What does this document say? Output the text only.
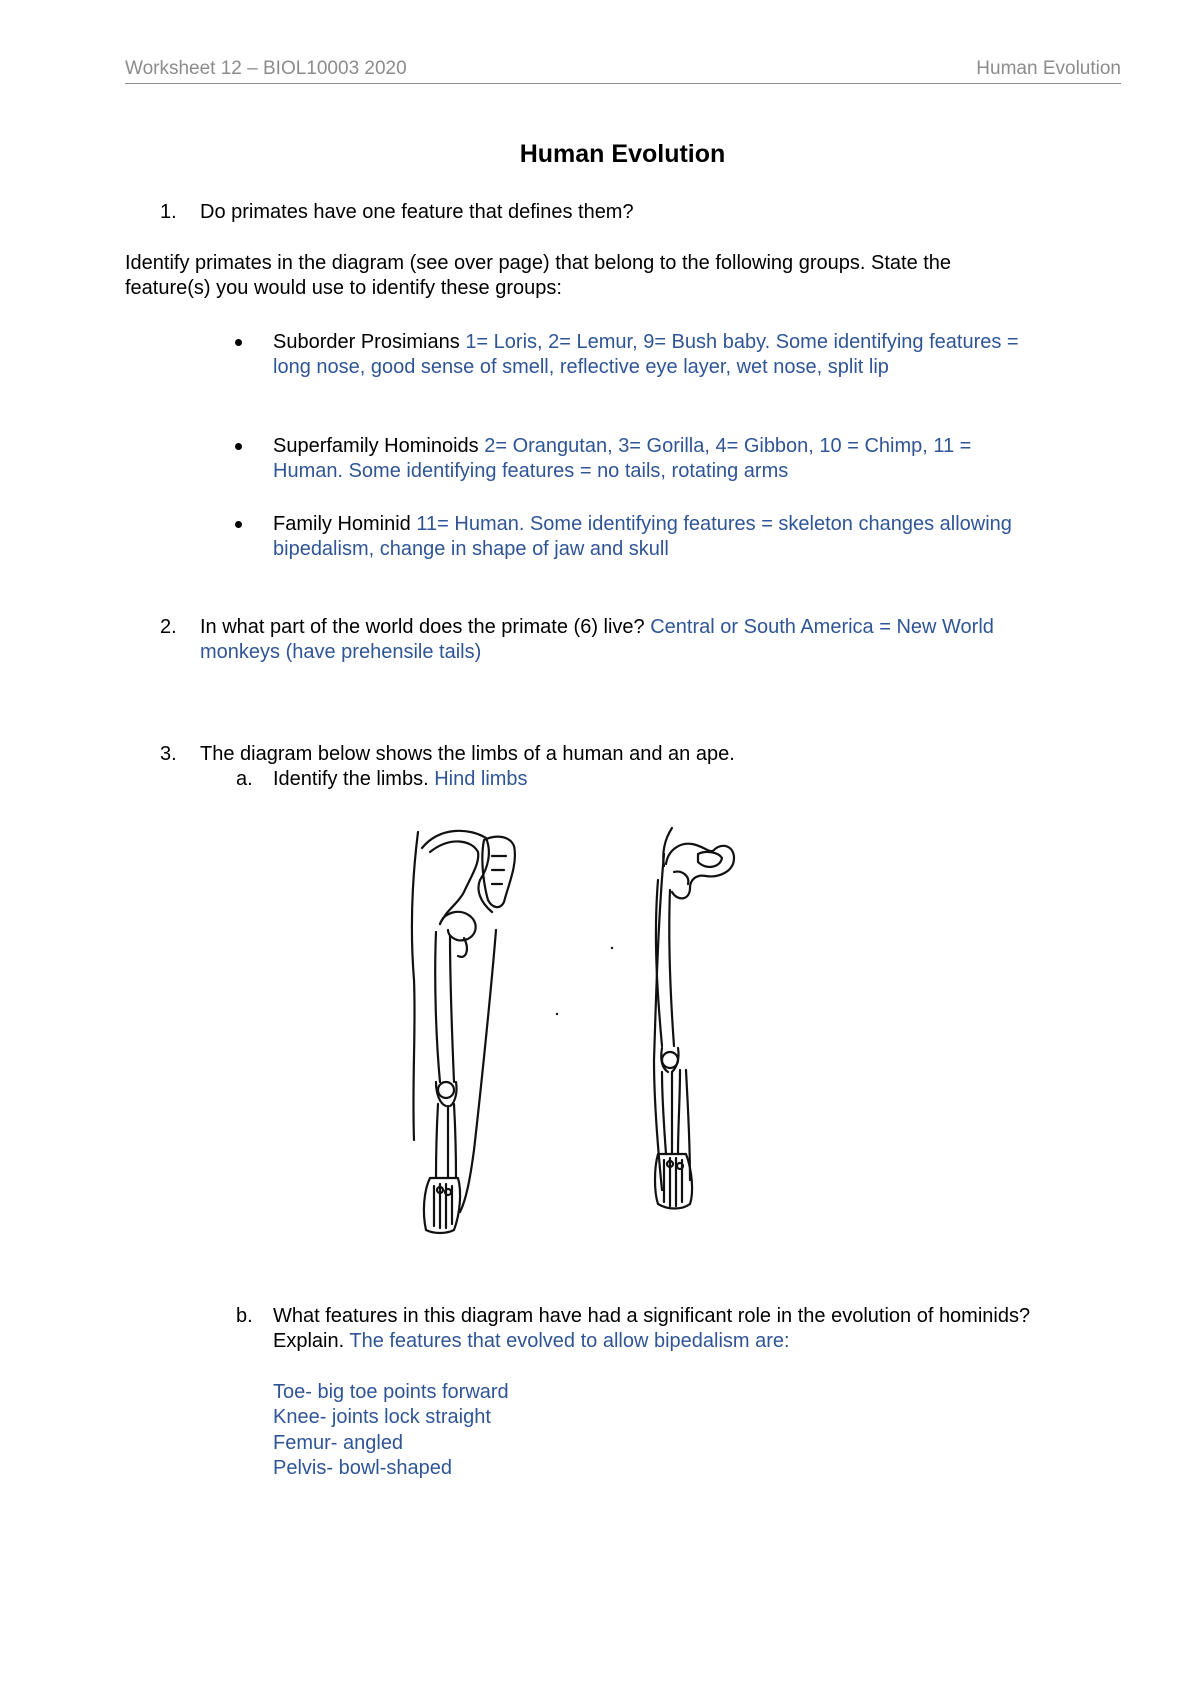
Worksheet 12 – BIOL10003 2020	Human Evolution
Human Evolution
1. Do primates have one feature that defines them?
Identify primates in the diagram (see over page) that belong to the following groups. State the
feature(s) you would use to identify these groups:
Suborder Prosimians 1= Loris, 2= Lemur, 9= Bush baby. Some identifying features =
long nose, good sense of smell, reflective eye layer, wet nose, split lip
Superfamily Hominoids 2= Orangutan, 3= Gorilla, 4= Gibbon, 10 = Chimp, 11 =
Human. Some identifying features = no tails, rotating arms
Family Hominid 11= Human. Some identifying features = skeleton changes allowing
bipedalism, change in shape of jaw and skull
2. In what part of the world does the primate (6) live? Central or South America = New World
monkeys (have prehensile tails)
3. The diagram below shows the limbs of a human and an ape.
a. Identify the limbs. Hind limbs
b. What features in this diagram have had a significant role in the evolution of hominids?
Explain. The features that evolved to allow bipedalism are:
Toe- big toe points forward
Knee- joints lock straight
Femur- angled
Pelvis- bowl-shaped
